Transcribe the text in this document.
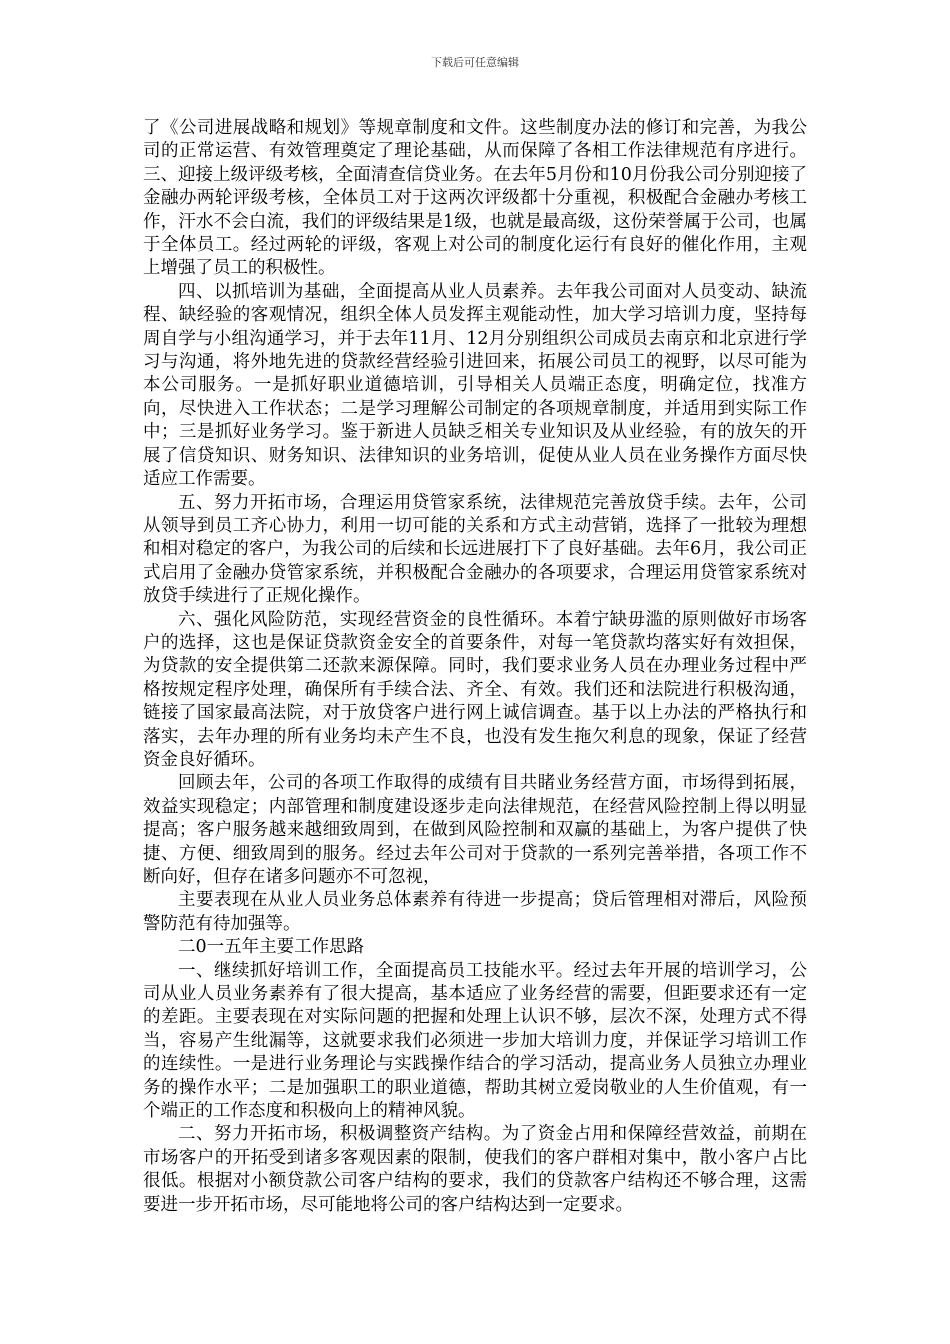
下载后可任意编辑

了《公司进展战略和规划》等规章制度和文件。这些制度办法的修订和完善，为我公司的正常运营、有效管理奠定了理论基础，从而保障了各相工作法律规范有序进行。三、迎接上级评级考核，全面清查信贷业务。在去年5月份和10月份我公司分别迎接了金融办两轮评级考核，全体员工对于这两次评级都十分重视，积极配合金融办考核工作，汗水不会白流，我们的评级结果是1级，也就是最高级，这份荣誉属于公司，也属于全体员工。经过两轮的评级，客观上对公司的制度化运行有良好的催化作用，主观上增强了员工的积极性。

四、以抓培训为基础，全面提高从业人员素养。去年我公司面对人员变动、缺流程、缺经验的客观情况，组织全体人员发挥主观能动性，加大学习培训力度，坚持每周自学与小组沟通学习，并于去年11月、12月分别组织公司成员去南京和北京进行学习与沟通，将外地先进的贷款经营经验引进回来，拓展公司员工的视野，以尽可能为本公司服务。一是抓好职业道德培训，引导相关人员端正态度，明确定位，找准方向，尽快进入工作状态；二是学习理解公司制定的各项规章制度，并适用到实际工作中；三是抓好业务学习。鉴于新进人员缺乏相关专业知识及从业经验，有的放矢的开展了信贷知识、财务知识、法律知识的业务培训，促使从业人员在业务操作方面尽快适应工作需要。

五、努力开拓市场，合理运用贷管家系统，法律规范完善放贷手续。去年，公司从领导到员工齐心协力，利用一切可能的关系和方式主动营销，选择了一批较为理想和相对稳定的客户，为我公司的后续和长远进展打下了良好基础。去年6月，我公司正式启用了金融办贷管家系统，并积极配合金融办的各项要求，合理运用贷管家系统对放贷手续进行了正规化操作。

六、强化风险防范，实现经营资金的良性循环。本着宁缺毋滥的原则做好市场客户的选择，这也是保证贷款资金安全的首要条件，对每一笔贷款均落实好有效担保，为贷款的安全提供第二还款来源保障。同时，我们要求业务人员在办理业务过程中严格按规定程序处理，确保所有手续合法、齐全、有效。我们还和法院进行积极沟通，链接了国家最高法院，对于放贷客户进行网上诚信调查。基于以上办法的严格执行和落实，去年办理的所有业务均未产生不良，也没有发生拖欠利息的现象，保证了经营资金良好循环。

回顾去年，公司的各项工作取得的成绩有目共睹业务经营方面，市场得到拓展，效益实现稳定；内部管理和制度建设逐步走向法律规范，在经营风险控制上得以明显提高；客户服务越来越细致周到，在做到风险控制和双赢的基础上，为客户提供了快捷、方便、细致周到的服务。经过去年公司对于贷款的一系列完善举措，各项工作不断向好，但存在诸多问题亦不可忽视，

主要表现在从业人员业务总体素养有待进一步提高；贷后管理相对滞后，风险预警防范有待加强等。

二0一五年主要工作思路

一、继续抓好培训工作，全面提高员工技能水平。经过去年开展的培训学习，公司从业人员业务素养有了很大提高，基本适应了业务经营的需要，但距要求还有一定的差距。主要表现在对实际问题的把握和处理上认识不够，层次不深，处理方式不得当，容易产生纰漏等，这就要求我们必须进一步加大培训力度，并保证学习培训工作的连续性。一是进行业务理论与实践操作结合的学习活动，提高业务人员独立办理业务的操作水平；二是加强职工的职业道德，帮助其树立爱岗敬业的人生价值观，有一个端正的工作态度和积极向上的精神风貌。

二、努力开拓市场，积极调整资产结构。为了资金占用和保障经营效益，前期在市场客户的开拓受到诸多客观因素的限制，使我们的客户群相对集中，散小客户占比很低。根据对小额贷款公司客户结构的要求，我们的贷款客户结构还不够合理，这需要进一步开拓市场，尽可能地将公司的客户结构达到一定要求。
